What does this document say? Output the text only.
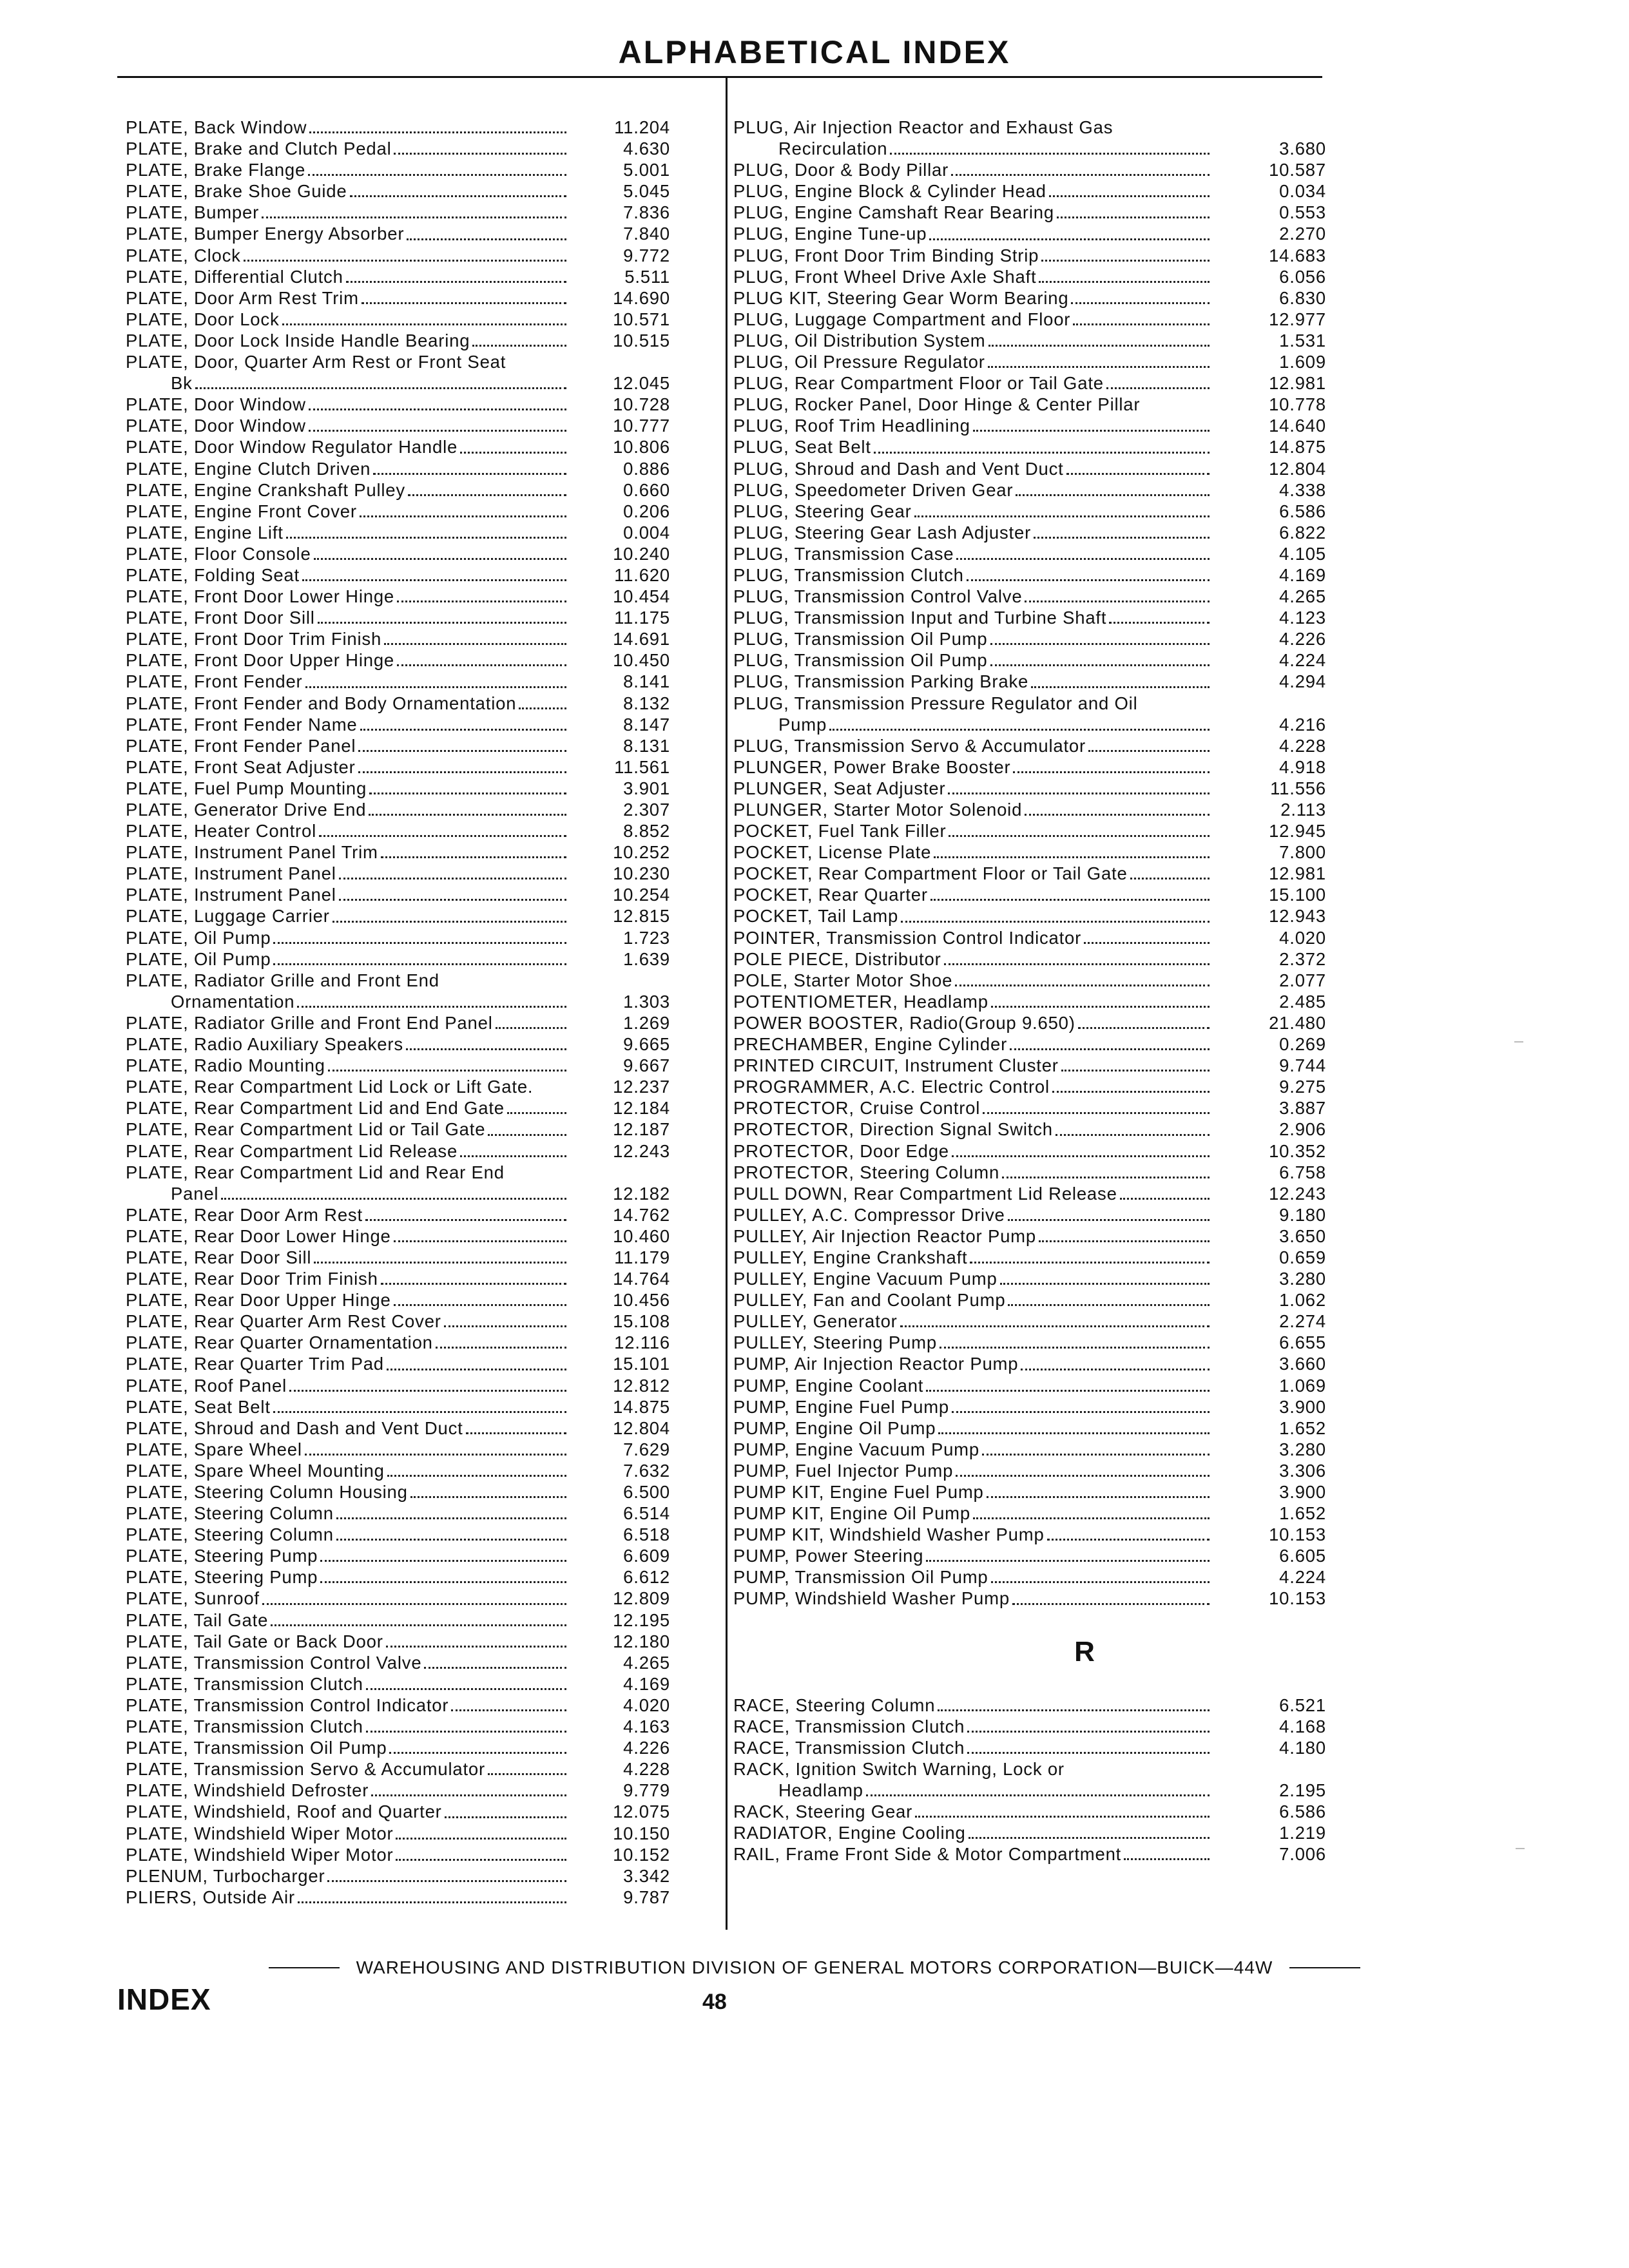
ALPHABETICAL INDEX
PLATE, Back Window	11.204
PLATE, Brake and Clutch Pedal	4.630
PLATE, Brake Flange	5.001
PLATE, Brake Shoe Guide	5.045
PLATE, Bumper	7.836
PLATE, Bumper Energy Absorber	7.840
PLATE, Clock	9.772
PLATE, Differential Clutch	5.511
PLATE, Door Arm Rest Trim	14.690
PLATE, Door Lock	10.571
PLATE, Door Lock Inside Handle Bearing	10.515
PLATE, Door, Quarter Arm Rest or Front Seat
Bk	12.045
PLATE, Door Window	10.728
PLATE, Door Window	10.777
PLATE, Door Window Regulator Handle	10.806
PLATE, Engine Clutch Driven	0.886
PLATE, Engine Crankshaft Pulley	0.660
PLATE, Engine Front Cover	0.206
PLATE, Engine Lift	0.004
PLATE, Floor Console	10.240
PLATE, Folding Seat	11.620
PLATE, Front Door Lower Hinge	10.454
PLATE, Front Door Sill	11.175
PLATE, Front Door Trim Finish	14.691
PLATE, Front Door Upper Hinge	10.450
PLATE, Front Fender	8.141
PLATE, Front Fender and Body Ornamentation	8.132
PLATE, Front Fender Name	8.147
PLATE, Front Fender Panel	8.131
PLATE, Front Seat Adjuster	11.561
PLATE, Fuel Pump Mounting	3.901
PLATE, Generator Drive End	2.307
PLATE, Heater Control	8.852
PLATE, Instrument Panel Trim	10.252
PLATE, Instrument Panel	10.230
PLATE, Instrument Panel	10.254
PLATE, Luggage Carrier	12.815
PLATE, Oil Pump	1.723
PLATE, Oil Pump	1.639
PLATE, Radiator Grille and Front End
Ornamentation	1.303
PLATE, Radiator Grille and Front End Panel	1.269
PLATE, Radio Auxiliary Speakers	9.665
PLATE, Radio Mounting	9.667
PLATE, Rear Compartment Lid Lock or Lift Gate.	12.237
PLATE, Rear Compartment Lid and End Gate	12.184
PLATE, Rear Compartment Lid or Tail Gate	12.187
PLATE, Rear Compartment Lid Release	12.243
PLATE, Rear Compartment Lid and Rear End
Panel	12.182
PLATE, Rear Door Arm Rest	14.762
PLATE, Rear Door Lower Hinge	10.460
PLATE, Rear Door Sill	11.179
PLATE, Rear Door Trim Finish	14.764
PLATE, Rear Door Upper Hinge	10.456
PLATE, Rear Quarter Arm Rest Cover	15.108
PLATE, Rear Quarter Ornamentation	12.116
PLATE, Rear Quarter Trim Pad	15.101
PLATE, Roof Panel	12.812
PLATE, Seat Belt	14.875
PLATE, Shroud and Dash and Vent Duct	12.804
PLATE, Spare Wheel	7.629
PLATE, Spare Wheel Mounting	7.632
PLATE, Steering Column Housing	6.500
PLATE, Steering Column	6.514
PLATE, Steering Column	6.518
PLATE, Steering Pump	6.609
PLATE, Steering Pump	6.612
PLATE, Sunroof	12.809
PLATE, Tail Gate	12.195
PLATE, Tail Gate or Back Door	12.180
PLATE, Transmission Control Valve	4.265
PLATE, Transmission Clutch	4.169
PLATE, Transmission Control Indicator	4.020
PLATE, Transmission Clutch	4.163
PLATE, Transmission Oil Pump	4.226
PLATE, Transmission Servo & Accumulator	4.228
PLATE, Windshield Defroster	9.779
PLATE, Windshield, Roof and Quarter	12.075
PLATE, Windshield Wiper Motor	10.150
PLATE, Windshield Wiper Motor	10.152
PLENUM, Turbocharger	3.342
PLIERS, Outside Air	9.787
PLUG, Air Injection Reactor and Exhaust Gas
Recirculation	3.680
PLUG, Door & Body Pillar	10.587
PLUG, Engine Block & Cylinder Head	0.034
PLUG, Engine Camshaft Rear Bearing	0.553
PLUG, Engine Tune-up	2.270
PLUG, Front Door Trim Binding Strip	14.683
PLUG, Front Wheel Drive Axle Shaft	6.056
PLUG KIT, Steering Gear Worm Bearing	6.830
PLUG, Luggage Compartment and Floor	12.977
PLUG, Oil Distribution System	1.531
PLUG, Oil Pressure Regulator	1.609
PLUG, Rear Compartment Floor or Tail Gate	12.981
PLUG, Rocker Panel, Door Hinge & Center Pillar	10.778
PLUG, Roof Trim Headlining	14.640
PLUG, Seat Belt	14.875
PLUG, Shroud and Dash and Vent Duct	12.804
PLUG, Speedometer Driven Gear	4.338
PLUG, Steering Gear	6.586
PLUG, Steering Gear Lash Adjuster	6.822
PLUG, Transmission Case	4.105
PLUG, Transmission Clutch	4.169
PLUG, Transmission Control Valve	4.265
PLUG, Transmission Input and Turbine Shaft	4.123
PLUG, Transmission Oil Pump	4.226
PLUG, Transmission Oil Pump	4.224
PLUG, Transmission Parking Brake	4.294
PLUG, Transmission Pressure Regulator and Oil
Pump	4.216
PLUG, Transmission Servo & Accumulator	4.228
PLUNGER, Power Brake Booster	4.918
PLUNGER, Seat Adjuster	11.556
PLUNGER, Starter Motor Solenoid	2.113
POCKET, Fuel Tank Filler	12.945
POCKET, License Plate	7.800
POCKET, Rear Compartment Floor or Tail Gate	12.981
POCKET, Rear Quarter	15.100
POCKET, Tail Lamp	12.943
POINTER, Transmission Control Indicator	4.020
POLE PIECE, Distributor	2.372
POLE, Starter Motor Shoe	2.077
POTENTIOMETER, Headlamp	2.485
POWER BOOSTER, Radio(Group 9.650)	21.480
PRECHAMBER, Engine Cylinder	0.269
PRINTED CIRCUIT, Instrument Cluster	9.744
PROGRAMMER, A.C. Electric Control	9.275
PROTECTOR, Cruise Control	3.887
PROTECTOR, Direction Signal Switch	2.906
PROTECTOR, Door Edge	10.352
PROTECTOR, Steering Column	6.758
PULL DOWN, Rear Compartment Lid Release	12.243
PULLEY, A.C. Compressor Drive	9.180
PULLEY, Air Injection Reactor Pump	3.650
PULLEY, Engine Crankshaft	0.659
PULLEY, Engine Vacuum Pump	3.280
PULLEY, Fan and Coolant Pump	1.062
PULLEY, Generator	2.274
PULLEY, Steering Pump	6.655
PUMP, Air Injection Reactor Pump	3.660
PUMP, Engine Coolant	1.069
PUMP, Engine Fuel Pump	3.900
PUMP, Engine Oil Pump	1.652
PUMP, Engine Vacuum Pump	3.280
PUMP, Fuel Injector Pump	3.306
PUMP KIT, Engine Fuel Pump	3.900
PUMP KIT, Engine Oil Pump	1.652
PUMP KIT, Windshield Washer Pump	10.153
PUMP, Power Steering	6.605
PUMP, Transmission Oil Pump	4.224
PUMP, Windshield Washer Pump	10.153
R
RACE, Steering Column	6.521
RACE, Transmission Clutch	4.168
RACE, Transmission Clutch	4.180
RACK, Ignition Switch Warning, Lock or
Headlamp	2.195
RACK, Steering Gear	6.586
RADIATOR, Engine Cooling	1.219
RAIL, Frame Front Side & Motor Compartment	7.006
WAREHOUSING AND DISTRIBUTION DIVISION OF GENERAL MOTORS CORPORATION—BUICK—44W
INDEX	48
